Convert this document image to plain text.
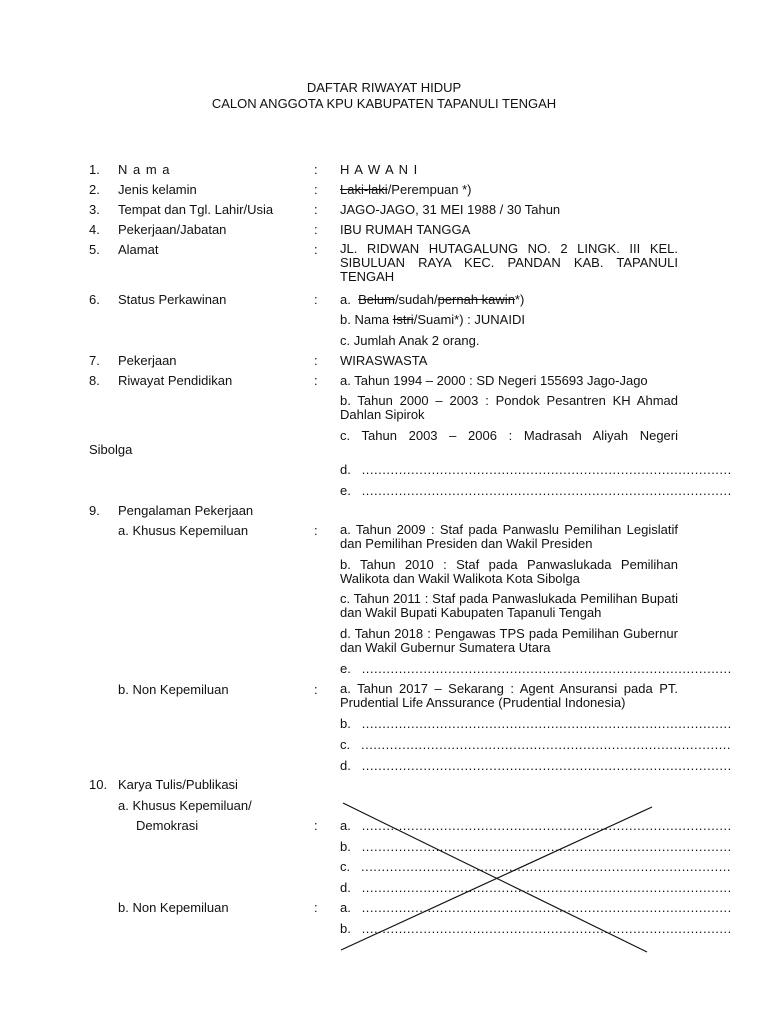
DAFTAR RIWAYAT HIDUP
CALON ANGGOTA KPU KABUPATEN TAPANULI TENGAH
1. N a m a	: H A W A N I
2. Jenis kelamin	: Laki-laki/Perempuan *)
3. Tempat dan Tgl. Lahir/Usia	: JAGO-JAGO, 31 MEI 1988 / 30 Tahun
4. Pekerjaan/Jabatan	: IBU RUMAH TANGGA
5. Alamat	: JL. RIDWAN HUTAGALUNG NO. 2 LINGK. III KEL. SIBULUAN RAYA KEC. PANDAN KAB. TAPANULI TENGAH
6. Status Perkawinan	: a. Belum/sudah/pernah kawin*)
b. Nama Istri/Suami*) : JUNAIDI
c. Jumlah Anak 2 orang.
7. Pekerjaan	: WIRASWASTA
8. Riwayat Pendidikan	: a. Tahun 1994 – 2000 : SD Negeri 155693 Jago-Jago
b. Tahun 2000 – 2003 : Pondok Pesantren KH Ahmad Dahlan Sipirok
c. Tahun 2003 – 2006 : Madrasah Aliyah Negeri
Sibolga
d. ..........................................................................................
e. ..........................................................................................
9. Pengalaman Pekerjaan
a. Khusus Kepemiluan	: a. Tahun 2009 : Staf pada Panwaslu Pemilihan Legislatif dan Pemilihan Presiden dan Wakil Presiden
b. Tahun 2010 : Staf pada Panwaslukada Pemilihan Walikota dan Wakil Walikota Kota Sibolga
c. Tahun 2011 : Staf pada Panwaslukada Pemilihan Bupati dan Wakil Bupati Kabupaten Tapanuli Tengah
d. Tahun 2018 : Pengawas TPS pada Pemilihan Gubernur dan Wakil Gubernur Sumatera Utara
e. ..........................................................................................
b. Non Kepemiluan	: a. Tahun 2017 – Sekarang : Agent Ansuransi pada PT. Prudential Life Anssurance (Prudential Indonesia)
b. ..........................................................................................
c. ..........................................................................................
d. ..........................................................................................
10. Karya Tulis/Publikasi
a. Khusus Kepemiluan/
Demokrasi	: a. ..........................................................................................
b. ..........................................................................................
c. ..........................................................................................
d. ..........................................................................................
b. Non Kepemiluan	: a. ..........................................................................................
b. ..........................................................................................
